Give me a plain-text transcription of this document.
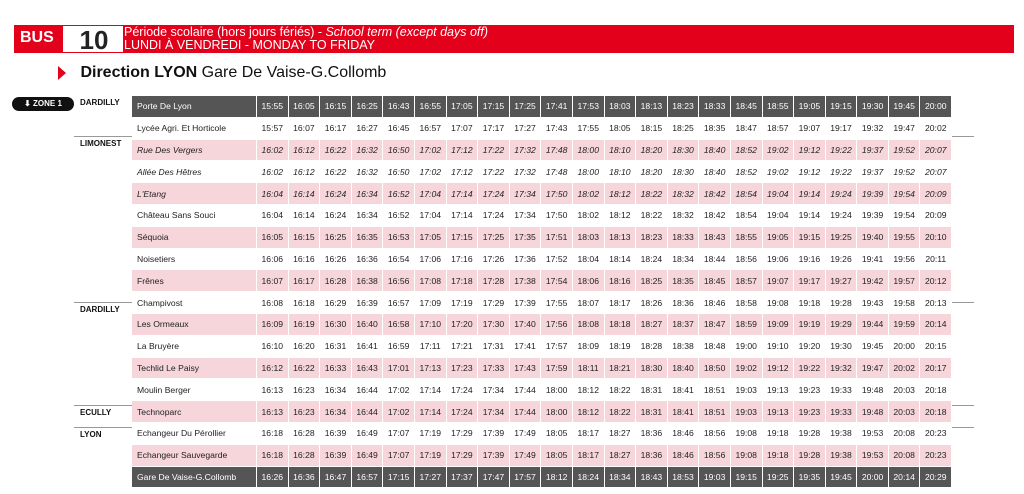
BUS 10	Période scolaire (hors jours fériés) - School term (except days off)
LUNDI À VENDREDI - MONDAY TO FRIDAY
Direction LYON Gare De Vaise-G.Collomb
⬇ ZONE 1	DARDILLY
LIMONEST
DARDILLY
ECULLY
LYON
Porte De Lyon	15:55	16:05	16:15	16:25	16:43	16:55	17:05	17:15	17:25	17:41	17:53	18:03	18:13	18:23	18:33	18:45	18:55	19:05	19:15	19:30	19:45	20:00
Lycée Agri. Et Horticole	15:57	16:07	16:17	16:27	16:45	16:57	17:07	17:17	17:27	17:43	17:55	18:05	18:15	18:25	18:35	18:47	18:57	19:07	19:17	19:32	19:47	20:02
Rue Des Vergers	16:02	16:12	16:22	16:32	16:50	17:02	17:12	17:22	17:32	17:48	18:00	18:10	18:20	18:30	18:40	18:52	19:02	19:12	19:22	19:37	19:52	20:07
Allée Des Hêtres	16:02	16:12	16:22	16:32	16:50	17:02	17:12	17:22	17:32	17:48	18:00	18:10	18:20	18:30	18:40	18:52	19:02	19:12	19:22	19:37	19:52	20:07
L'Etang	16:04	16:14	16:24	16:34	16:52	17:04	17:14	17:24	17:34	17:50	18:02	18:12	18:22	18:32	18:42	18:54	19:04	19:14	19:24	19:39	19:54	20:09
Château Sans Souci	16:04	16:14	16:24	16:34	16:52	17:04	17:14	17:24	17:34	17:50	18:02	18:12	18:22	18:32	18:42	18:54	19:04	19:14	19:24	19:39	19:54	20:09
Séquoia	16:05	16:15	16:25	16:35	16:53	17:05	17:15	17:25	17:35	17:51	18:03	18:13	18:23	18:33	18:43	18:55	19:05	19:15	19:25	19:40	19:55	20:10
Noisetiers	16:06	16:16	16:26	16:36	16:54	17:06	17:16	17:26	17:36	17:52	18:04	18:14	18:24	18:34	18:44	18:56	19:06	19:16	19:26	19:41	19:56	20:11
Frênes	16:07	16:17	16:28	16:38	16:56	17:08	17:18	17:28	17:38	17:54	18:06	18:16	18:25	18:35	18:45	18:57	19:07	19:17	19:27	19:42	19:57	20:12
Champivost	16:08	16:18	16:29	16:39	16:57	17:09	17:19	17:29	17:39	17:55	18:07	18:17	18:26	18:36	18:46	18:58	19:08	19:18	19:28	19:43	19:58	20:13
Les Ormeaux	16:09	16:19	16:30	16:40	16:58	17:10	17:20	17:30	17:40	17:56	18:08	18:18	18:27	18:37	18:47	18:59	19:09	19:19	19:29	19:44	19:59	20:14
La Bruyère	16:10	16:20	16:31	16:41	16:59	17:11	17:21	17:31	17:41	17:57	18:09	18:19	18:28	18:38	18:48	19:00	19:10	19:20	19:30	19:45	20:00	20:15
Techlid Le Paisy	16:12	16:22	16:33	16:43	17:01	17:13	17:23	17:33	17:43	17:59	18:11	18:21	18:30	18:40	18:50	19:02	19:12	19:22	19:32	19:47	20:02	20:17
Moulin Berger	16:13	16:23	16:34	16:44	17:02	17:14	17:24	17:34	17:44	18:00	18:12	18:22	18:31	18:41	18:51	19:03	19:13	19:23	19:33	19:48	20:03	20:18
Technoparc	16:13	16:23	16:34	16:44	17:02	17:14	17:24	17:34	17:44	18:00	18:12	18:22	18:31	18:41	18:51	19:03	19:13	19:23	19:33	19:48	20:03	20:18
Echangeur Du Pérollier	16:18	16:28	16:39	16:49	17:07	17:19	17:29	17:39	17:49	18:05	18:17	18:27	18:36	18:46	18:56	19:08	19:18	19:28	19:38	19:53	20:08	20:23
Echangeur Sauvegarde	16:18	16:28	16:39	16:49	17:07	17:19	17:29	17:39	17:49	18:05	18:17	18:27	18:36	18:46	18:56	19:08	19:18	19:28	19:38	19:53	20:08	20:23
Gare De Vaise-G.Collomb	16:26	16:36	16:47	16:57	17:15	17:27	17:37	17:47	17:57	18:12	18:24	18:34	18:43	18:53	19:03	19:15	19:25	19:35	19:45	20:00	20:14	20:29
